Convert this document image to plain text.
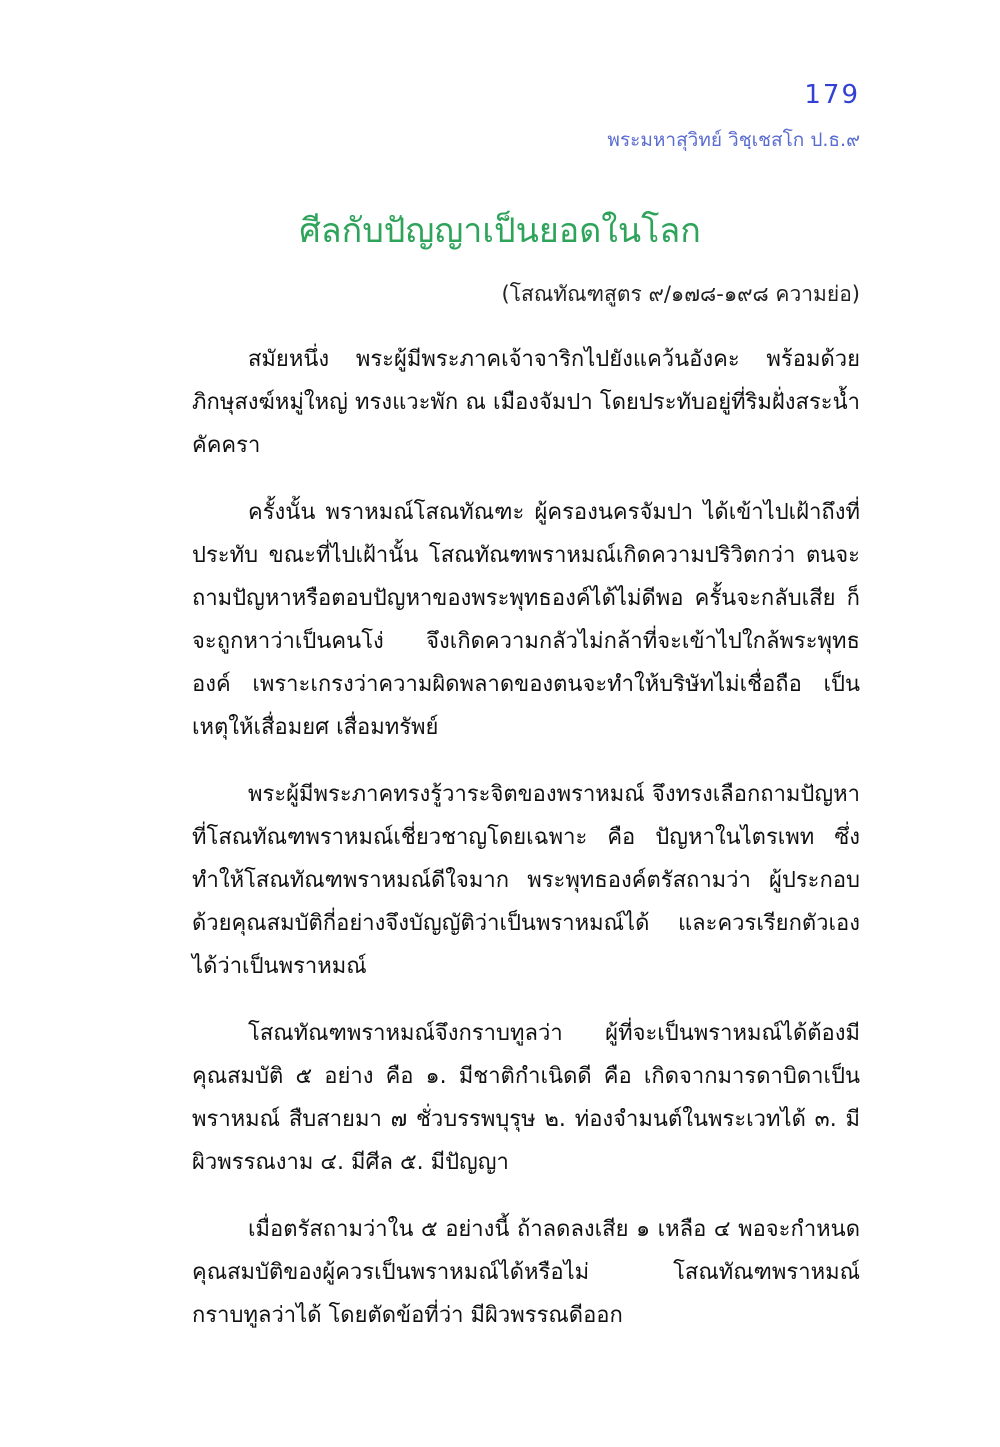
179
พระมหาสุวิทย์ วิชฺเชสโก ป.ธ.๙
ศีลกับปัญญาเป็นยอดในโลก
(โสณทัณฑสูตร ๙/๑๗๘-๑๙๘ ความย่อ)

สมัยหนึ่ง พระผู้มีพระภาคเจ้าจาริกไปยังแคว้นอังคะ พร้อมด้วยภิกษุสงฆ์หมู่ใหญ่ ทรงแวะพัก ณ เมืองจัมปา โดยประทับอยู่ที่ริมฝั่งสระน้ำคัคครา

ครั้งนั้น พราหมณ์โสณทัณฑะ ผู้ครองนครจัมปา ได้เข้าไปเฝ้าถึงที่ประทับ ขณะที่ไปเฝ้านั้น โสณทัณฑพราหมณ์เกิดความปริวิตกว่า ตนจะถามปัญหาหรือตอบปัญหาของพระพุทธองค์ได้ไม่ดีพอ ครั้นจะกลับเสีย ก็จะถูกหาว่าเป็นคนโง่ จึงเกิดความกลัวไม่กล้าที่จะเข้าไปใกล้พระพุทธองค์ เพราะเกรงว่าความผิดพลาดของตนจะทำให้บริษัทไม่เชื่อถือ เป็นเหตุให้เสื่อมยศ เสื่อมทรัพย์

พระผู้มีพระภาคทรงรู้วาระจิตของพราหมณ์ จึงทรงเลือกถามปัญหาที่โสณทัณฑพราหมณ์เชี่ยวชาญโดยเฉพาะ คือ ปัญหาในไตรเพท ซึ่งทำให้โสณทัณฑพราหมณ์ดีใจมาก พระพุทธองค์ตรัสถามว่า ผู้ประกอบด้วยคุณสมบัติกี่อย่างจึงบัญญัติว่าเป็นพราหมณ์ได้ และควรเรียกตัวเองได้ว่าเป็นพราหมณ์

โสณทัณฑพราหมณ์จึงกราบทูลว่า ผู้ที่จะเป็นพราหมณ์ได้ต้องมีคุณสมบัติ ๕ อย่าง คือ ๑. มีชาติกำเนิดดี คือ เกิดจากมารดาบิดาเป็นพราหมณ์ สืบสายมา ๗ ชั่วบรรพบุรุษ ๒. ท่องจำมนต์ในพระเวทได้ ๓. มีผิวพรรณงาม ๔. มีศีล ๕. มีปัญญา

เมื่อตรัสถามว่าใน ๕ อย่างนี้ ถ้าลดลงเสีย ๑ เหลือ ๔ พอจะกำหนดคุณสมบัติของผู้ควรเป็นพราหมณ์ได้หรือไม่ โสณทัณฑพราหมณ์กราบทูลว่าได้ โดยตัดข้อที่ว่า มีผิวพรรณดีออก
